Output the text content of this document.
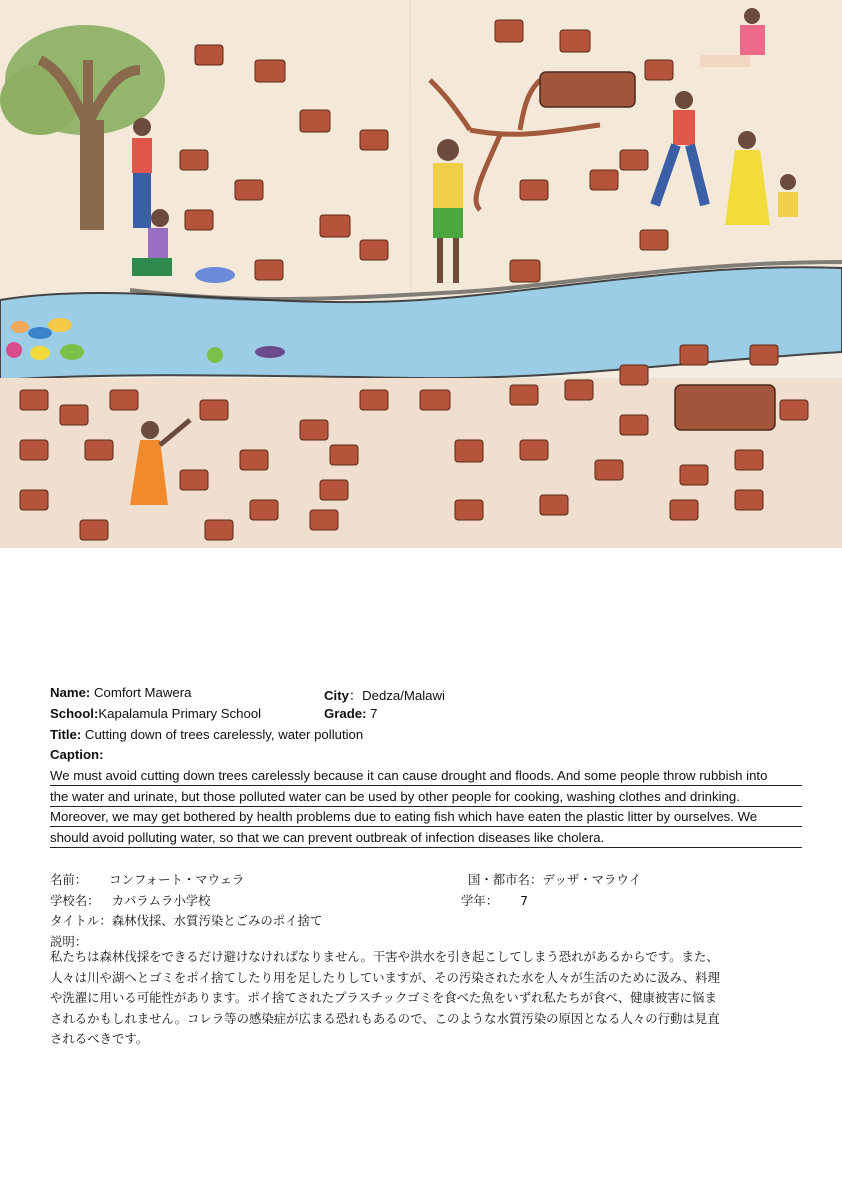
Name: Comfort Mawera	City：Dedza/Malawi
School:Kapalamula Primary School	Grade: 7
Title: Cutting down of trees carelessly, water pollution
Caption:
We must avoid cutting down trees carelessly because it can cause drought and floods. And some people throw rubbish into
the water and urinate, but those polluted water can be used by other people for cooking, washing clothes and drinking.
Moreover, we may get bothered by health problems due to eating fish which have eaten the plastic litter by ourselves. We
should avoid polluting water, so that we can prevent outbreak of infection diseases like cholera.
名前： コンフォート・マウェラ	国・都市名：デッザ・マラウイ
学校名： カパラムラ小学校	学年： 7
タイトル：森林伐採、水質汚染とごみのポイ捨て
説明：
私たちは森林伐採をできるだけ避けなければなりません。干害や洪水を引き起こしてしまう恐れがあるからです。また、
人々は川や湖へとゴミをポイ捨てしたり用を足したりしていますが、その汚染された水を人々が生活のために汲み、料理
や洗濯に用いる可能性があります。ポイ捨てされたプラスチックゴミを食べた魚をいずれ私たちが食べ、健康被害に悩ま
されるかもしれません。コレラ等の感染症が広まる恐れもあるので、このような水質汚染の原因となる人々の行動は見直
されるべきです。
